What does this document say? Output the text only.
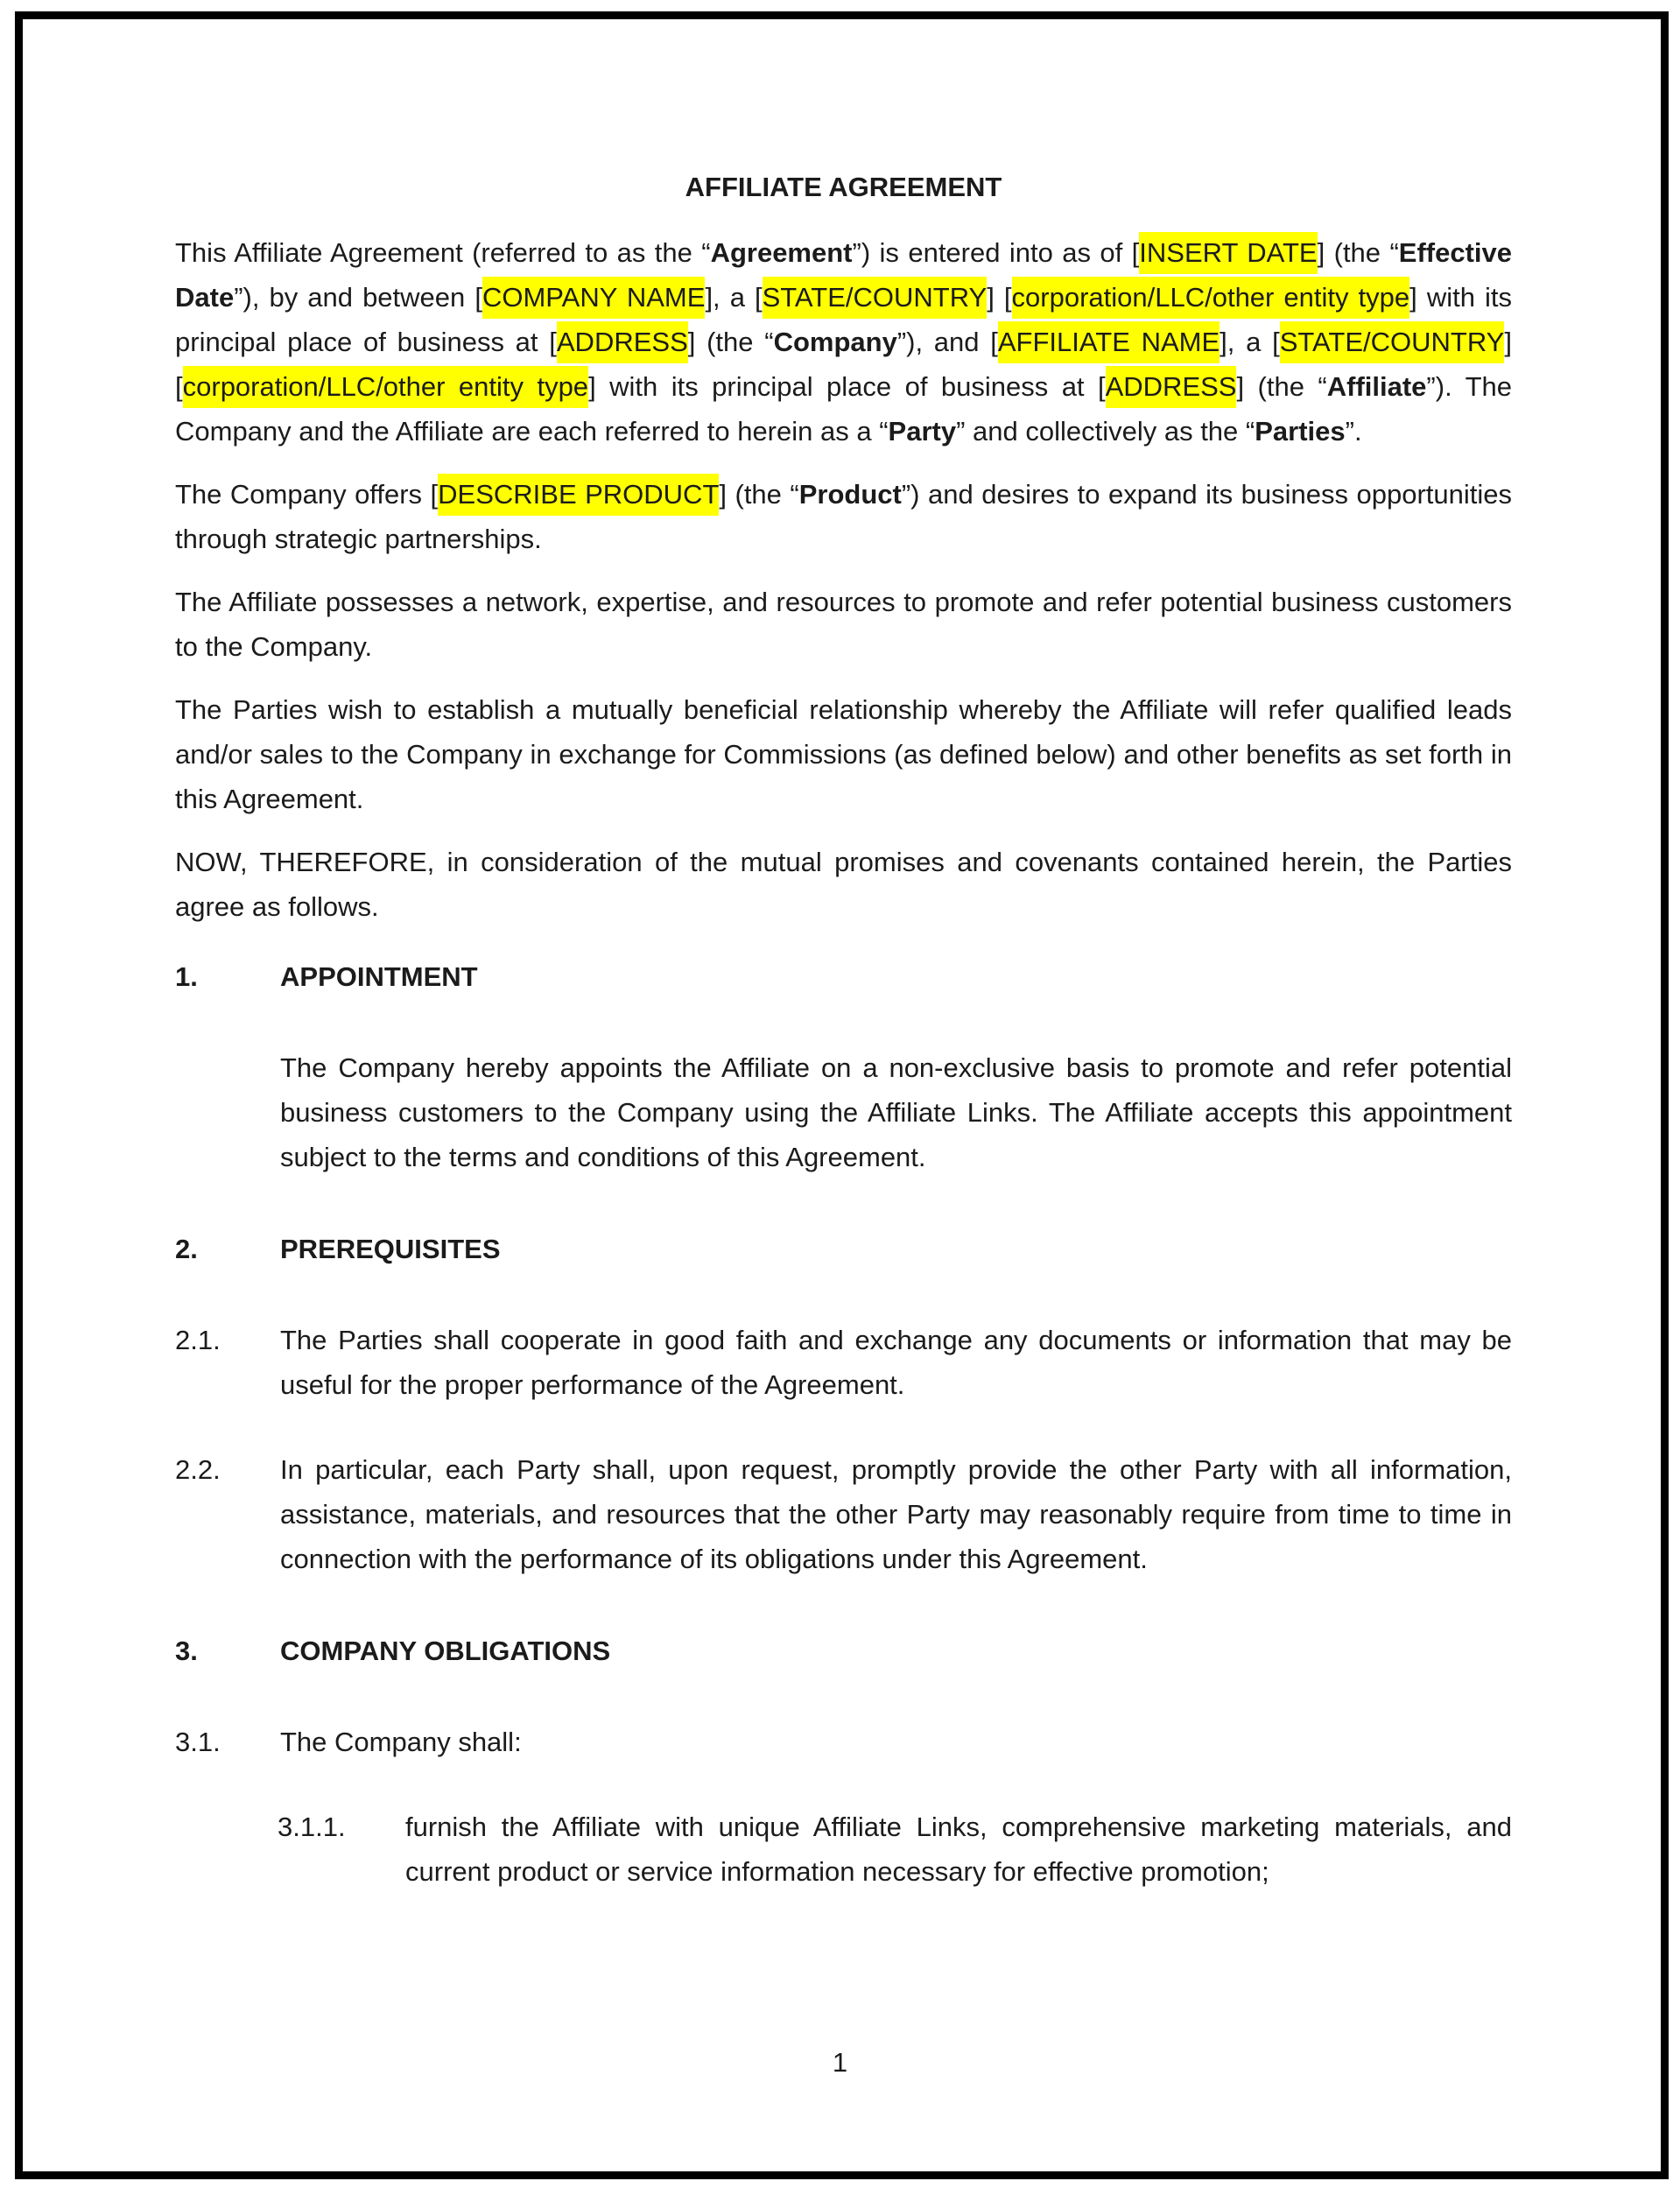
AFFILIATE AGREEMENT
This Affiliate Agreement (referred to as the “Agreement”) is entered into as of [INSERT DATE] (the “Effective Date”), by and between [COMPANY NAME], a [STATE/COUNTRY] [corporation/LLC/other entity type] with its principal place of business at [ADDRESS] (the “Company”), and [AFFILIATE NAME], a [STATE/COUNTRY] [corporation/LLC/other entity type] with its principal place of business at [ADDRESS] (the “Affiliate”). The Company and the Affiliate are each referred to herein as a “Party” and collectively as the “Parties”.
The Company offers [DESCRIBE PRODUCT] (the “Product”) and desires to expand its business opportunities through strategic partnerships.
The Affiliate possesses a network, expertise, and resources to promote and refer potential business customers to the Company.
The Parties wish to establish a mutually beneficial relationship whereby the Affiliate will refer qualified leads and/or sales to the Company in exchange for Commissions (as defined below) and other benefits as set forth in this Agreement.
NOW, THEREFORE, in consideration of the mutual promises and covenants contained herein, the Parties agree as follows.
1.	APPOINTMENT
The Company hereby appoints the Affiliate on a non-exclusive basis to promote and refer potential business customers to the Company using the Affiliate Links. The Affiliate accepts this appointment subject to the terms and conditions of this Agreement.
2.	PREREQUISITES
2.1. The Parties shall cooperate in good faith and exchange any documents or information that may be useful for the proper performance of the Agreement.
2.2. In particular, each Party shall, upon request, promptly provide the other Party with all information, assistance, materials, and resources that the other Party may reasonably require from time to time in connection with the performance of its obligations under this Agreement.
3.	COMPANY OBLIGATIONS
3.1. The Company shall:
3.1.1. furnish the Affiliate with unique Affiliate Links, comprehensive marketing materials, and current product or service information necessary for effective promotion;
1
